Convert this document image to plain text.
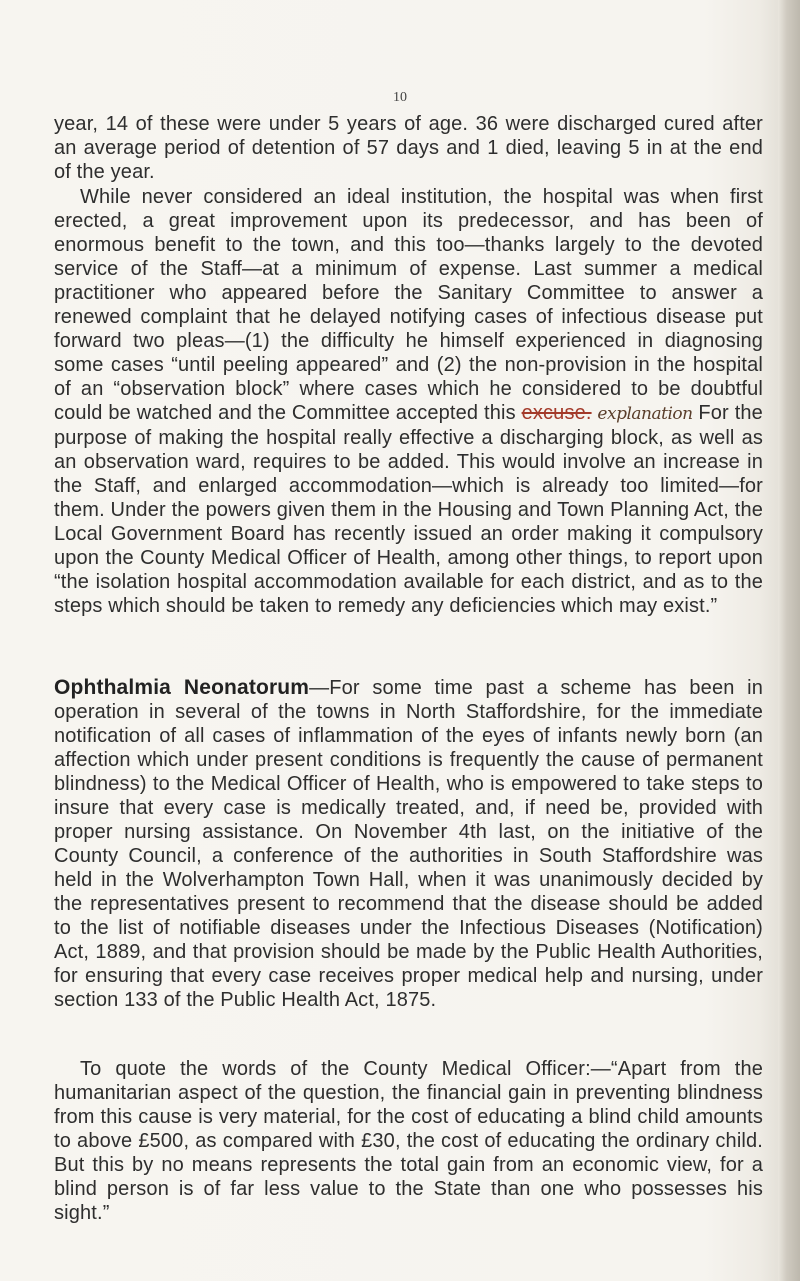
10

year, 14 of these were under 5 years of age. 36 were discharged cured after an average period of detention of 57 days and 1 died, leaving 5 in at the end of the year.

While never considered an ideal institution, the hospital was when first erected, a great improvement upon its predecessor, and has been of enormous benefit to the town, and this too—thanks largely to the devoted service of the Staff—at a minimum of expense. Last summer a medical practitioner who appeared before the Sanitary Committee to answer a renewed complaint that he delayed notifying cases of infectious disease put forward two pleas—(1) the difficulty he himself experienced in diagnosing some cases “until peeling appeared” and (2) the non-provision in the hospital of an “observation block” where cases which he considered to be doubtful could be watched and the Committee accepted this excuse. explanation For the purpose of making the hospital really effective a discharging block, as well as an observation ward, requires to be added. This would involve an increase in the Staff, and enlarged accommodation—which is already too limited—for them. Under the powers given them in the Housing and Town Planning Act, the Local Government Board has recently issued an order making it compulsory upon the County Medical Officer of Health, among other things, to report upon “the isolation hospital accommodation available for each district, and as to the steps which should be taken to remedy any deficiencies which may exist.”

Ophthalmia Neonatorum—For some time past a scheme has been in operation in several of the towns in North Staffordshire, for the immediate notification of all cases of inflammation of the eyes of infants newly born (an affection which under present conditions is frequently the cause of permanent blindness) to the Medical Officer of Health, who is empowered to take steps to insure that every case is medically treated, and, if need be, provided with proper nursing assistance. On November 4th last, on the initiative of the County Council, a conference of the authorities in South Staffordshire was held in the Wolverhampton Town Hall, when it was unanimously decided by the representatives present to recommend that the disease should be added to the list of notifiable diseases under the Infectious Diseases (Notification) Act, 1889, and that provision should be made by the Public Health Authorities, for ensuring that every case receives proper medical help and nursing, under section 133 of the Public Health Act, 1875.

To quote the words of the County Medical Officer:—“Apart from the humanitarian aspect of the question, the financial gain in preventing blindness from this cause is very material, for the cost of educating a blind child amounts to above £500, as compared with £30, the cost of educating the ordinary child. But this by no means represents the total gain from an economic view, for a blind person is of far less value to the State than one who possesses his sight.”
